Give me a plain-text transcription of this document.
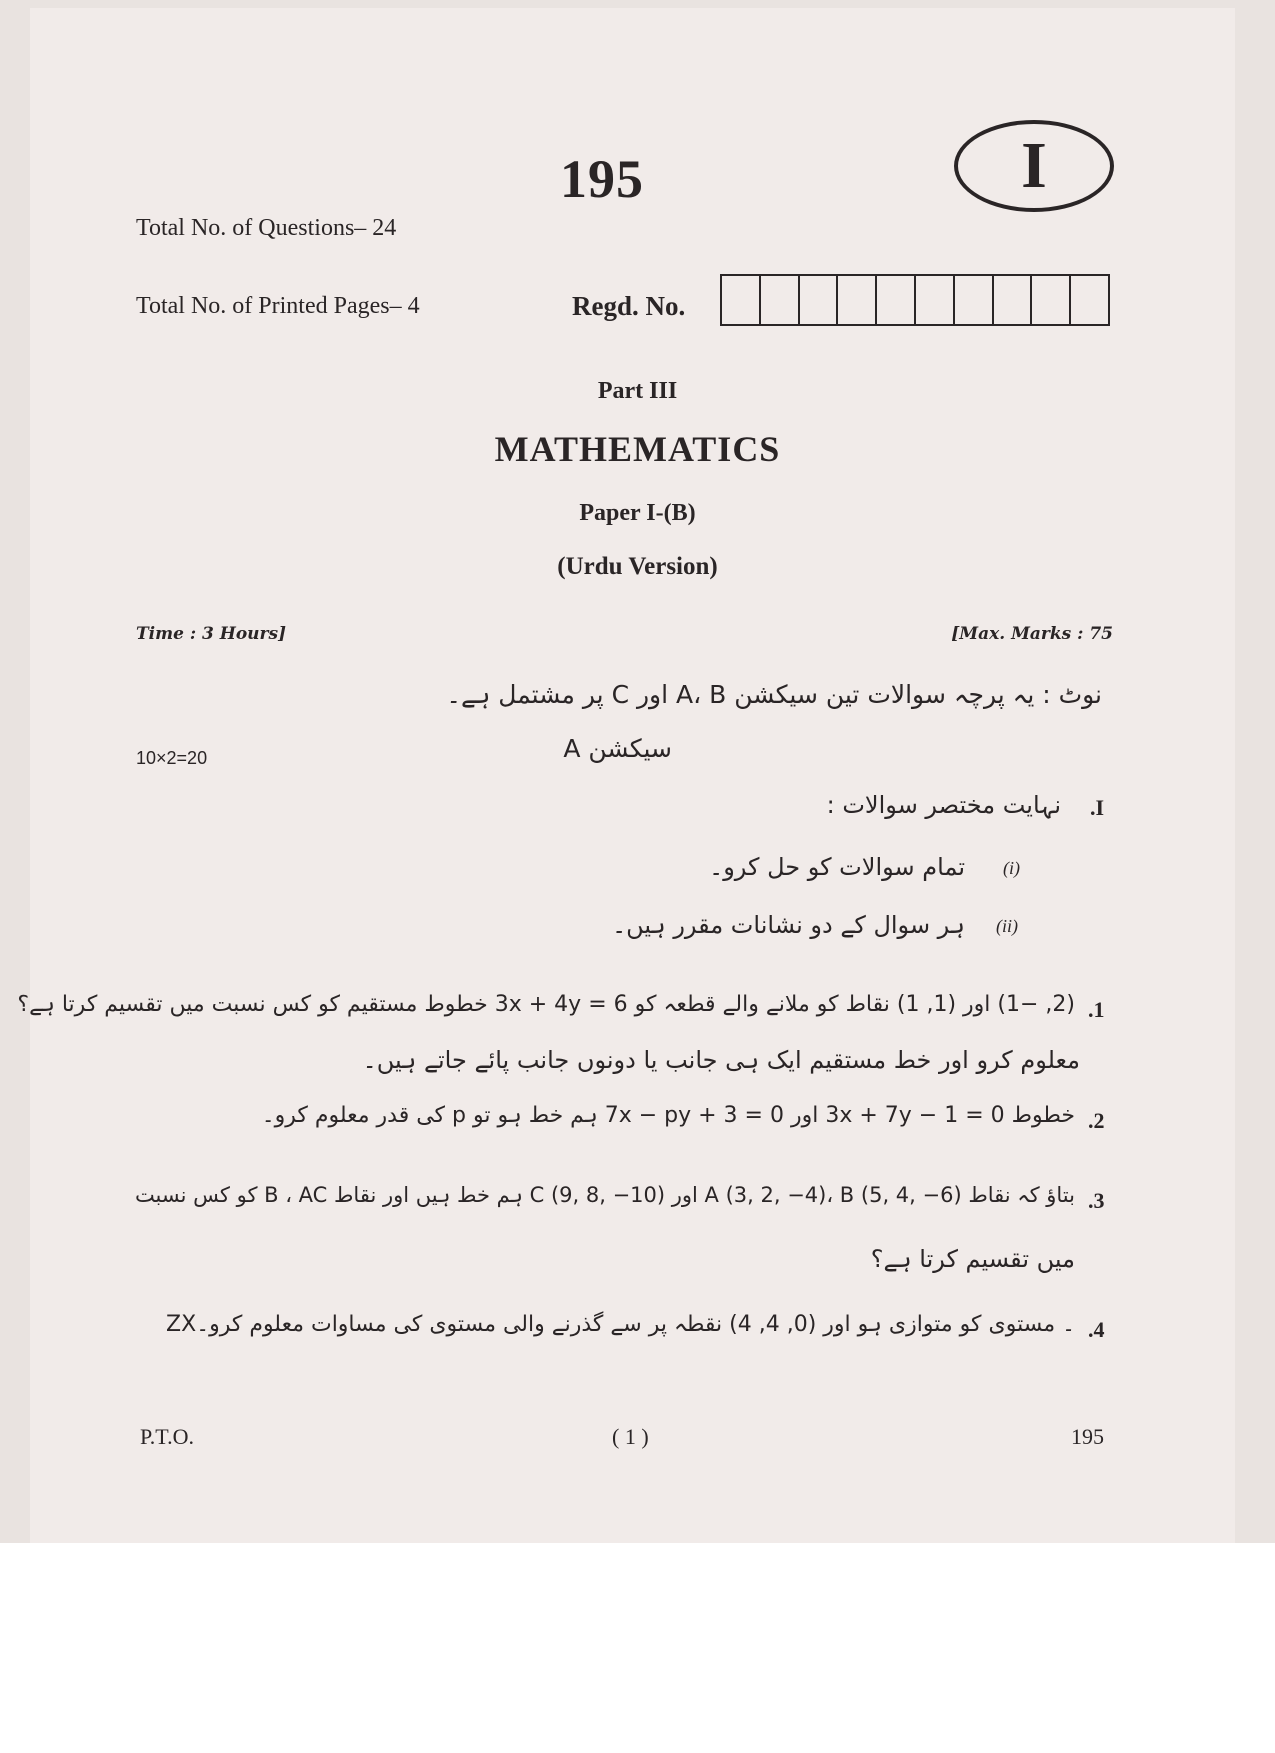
195	I
Total No. of Questions– 24
Total No. of Printed Pages– 4	Regd. No.
Part III
MATHEMATICS
Paper I-(B)
(Urdu Version)
Time : 3 Hours]	[Max. Marks : 75
نوٹ : یہ پرچہ سوالات تین سیکشن A، B اور C پر مشتمل ہے۔
سیکشن A
10×2=20
.I
نہایت مختصر سوالات :
(i)
تمام سوالات کو حل کرو۔
(ii)
ہر سوال کے دو نشانات مقرر ہیں۔
.1
(2, −1) اور (1, 1) نقاط کو ملانے والے قطعہ کو 3x + 4y = 6 خطوط مستقیم کو کس نسبت میں تقسیم کرتا ہے؟
معلوم کرو اور خط مستقیم ایک ہی جانب یا دونوں جانب پائے جاتے ہیں۔
.2
خطوط 3x + 7y − 1 = 0 اور 7x − py + 3 = 0 ہم خط ہو تو p کی قدر معلوم کرو۔
.3
بتاؤ کہ نقاط A (3, 2, −4)، B (5, 4, −6) اور C (9, 8, −10) ہم خط ہیں اور نقاط B ، AC کو کس نسبت
میں تقسیم کرتا ہے؟
.4
ZX۔ مستوی کو متوازی ہو اور (0, 4, 4) نقطہ پر سے گذرنے والی مستوی کی مساوات معلوم کرو۔
P.T.O.	( 1 )	195
